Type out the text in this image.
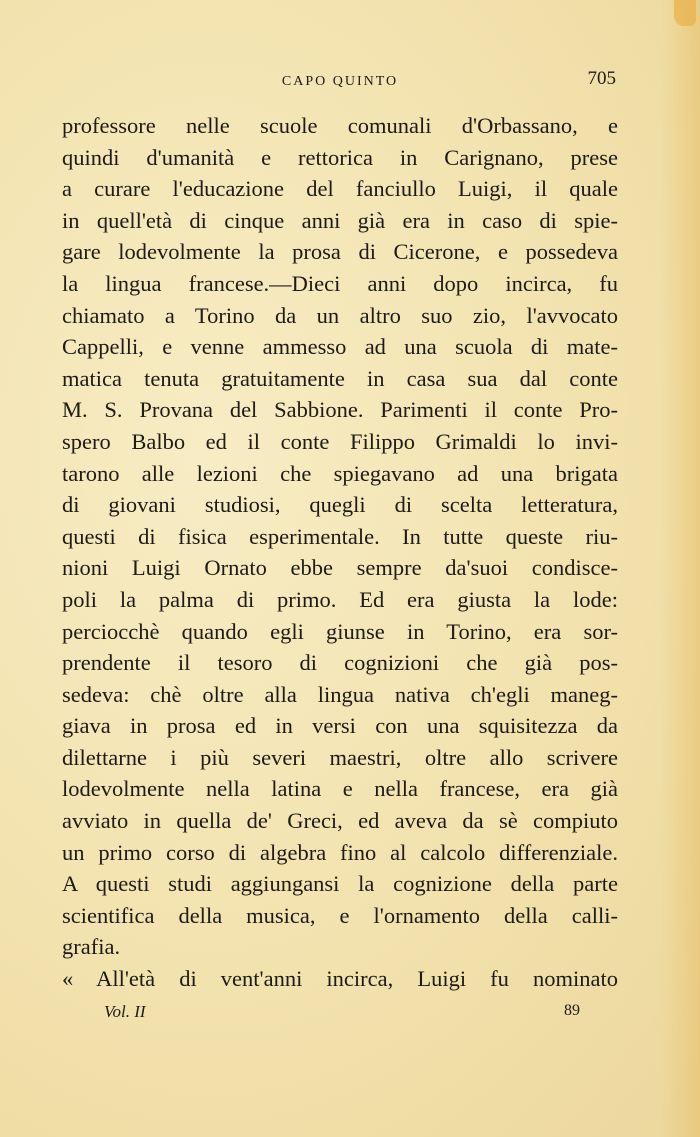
CAPO QUINTO	705
professore nelle scuole comunali d'Orbassano, e
quindi d'umanità e rettorica in Carignano, prese
a curare l'educazione del fanciullo Luigi, il quale
in quell'età di cinque anni già era in caso di spie-
gare lodevolmente la prosa di Cicerone, e possedeva
la lingua francese.—Dieci anni dopo incirca, fu
chiamato a Torino da un altro suo zio, l'avvocato
Cappelli, e venne ammesso ad una scuola di mate-
matica tenuta gratuitamente in casa sua dal conte
M. S. Provana del Sabbione. Parimenti il conte Pro-
spero Balbo ed il conte Filippo Grimaldi lo invi-
tarono alle lezioni che spiegavano ad una brigata
di giovani studiosi, quegli di scelta letteratura,
questi di fisica esperimentale. In tutte queste riu-
nioni Luigi Ornato ebbe sempre da'suoi condisce-
poli la palma di primo. Ed era giusta la lode:
perciocchè quando egli giunse in Torino, era sor-
prendente il tesoro di cognizioni che già pos-
sedeva: chè oltre alla lingua nativa ch'egli maneg-
giava in prosa ed in versi con una squisitezza da
dilettarne i più severi maestri, oltre allo scrivere
lodevolmente nella latina e nella francese, era già
avviato in quella de' Greci, ed aveva da sè compiuto
un primo corso di algebra fino al calcolo differenziale.
A questi studi aggiungansi la cognizione della parte
scientifica della musica, e l'ornamento della calli-
grafia.
« All'età di vent'anni incirca, Luigi fu nominato
Vol. II	89
